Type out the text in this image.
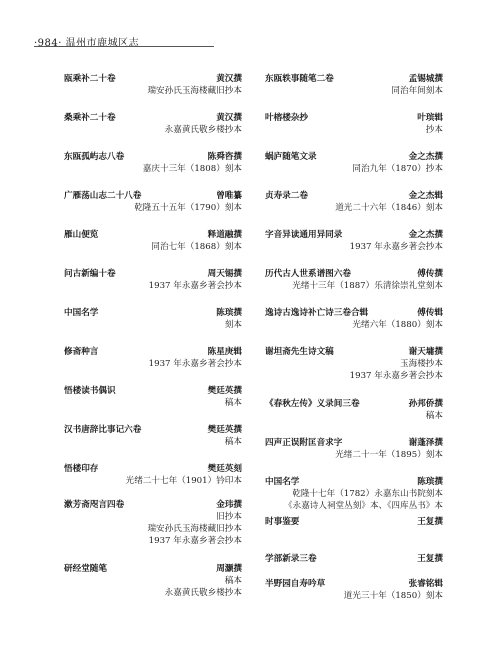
·984· 温州市鹿城区志
瓯乘补二十卷	黄汉撰
瑞安孙氏玉海楼藏旧抄本
桑乘补二十卷	黄汉撰
永嘉黄氏敬乡楼抄本
东瓯孤屿志八卷	陈舜咨撰
嘉庆十三年（1808）刻本
广雁荡山志二十八卷	曾唯纂
乾隆五十五年（1790）刻本
雁山便览	释道融撰
同治七年（1868）刻本
问古新编十卷	周天锡撰
1937 年永嘉乡著会抄本
中国名学	陈瑸撰
刻本
修斋种言	陈星庚辑
1937 年永嘉乡著会抄本
悟楼读书偶识	樊廷英撰
稿本
汉书唐辞比事记六卷	樊廷英撰
稿本
悟楼印存	樊廷英刻
光绪二十七年（1901）钤印本
漱芳斋咫言四卷	金玮撰
旧抄本
瑞安孙氏玉海楼藏旧抄本
1937 年永嘉乡著会抄本
研经堂随笔	周灏撰
稿本
永嘉黄氏敬乡楼抄本
东瓯轶事随笔二卷	孟锡城撰
同治年间刻本
叶榕楼杂抄	叶瑸辑
抄本
蜗庐随笔文录	金之杰撰
同治九年（1870）抄本
贞寿录二卷	金之杰辑
道光二十六年（1846）刻本
字音异读通用异同录	金之杰撰
1937 年永嘉乡著会抄本
历代古人世系谱图六卷	傅传撰
光绪十三年（1887）乐清徐崇礼堂刻本
逸诗古逸诗补亡诗三卷合辑	傅传辑
光绪六年（1880）刻本
谢坦斋先生诗文稿	谢天墉撰
玉海楼抄本
1937 年永嘉乡著会抄本
《春秋左传》义录间三卷	孙邦侨撰
稿本
四声正误附匡音求字	谢蓬泽撰
光绪二十一年（1895）刻本
中国名学	陈瑸撰
乾隆十七年（1782）永嘉东山书院刻本
《永嘉诗人祠堂丛刻》本、《四库丛书》本
时事鉴要	王复撰
学部新录三卷	王复撰
半野园自寿吟草	张睿铭辑
道光三十年（1850）刻本
